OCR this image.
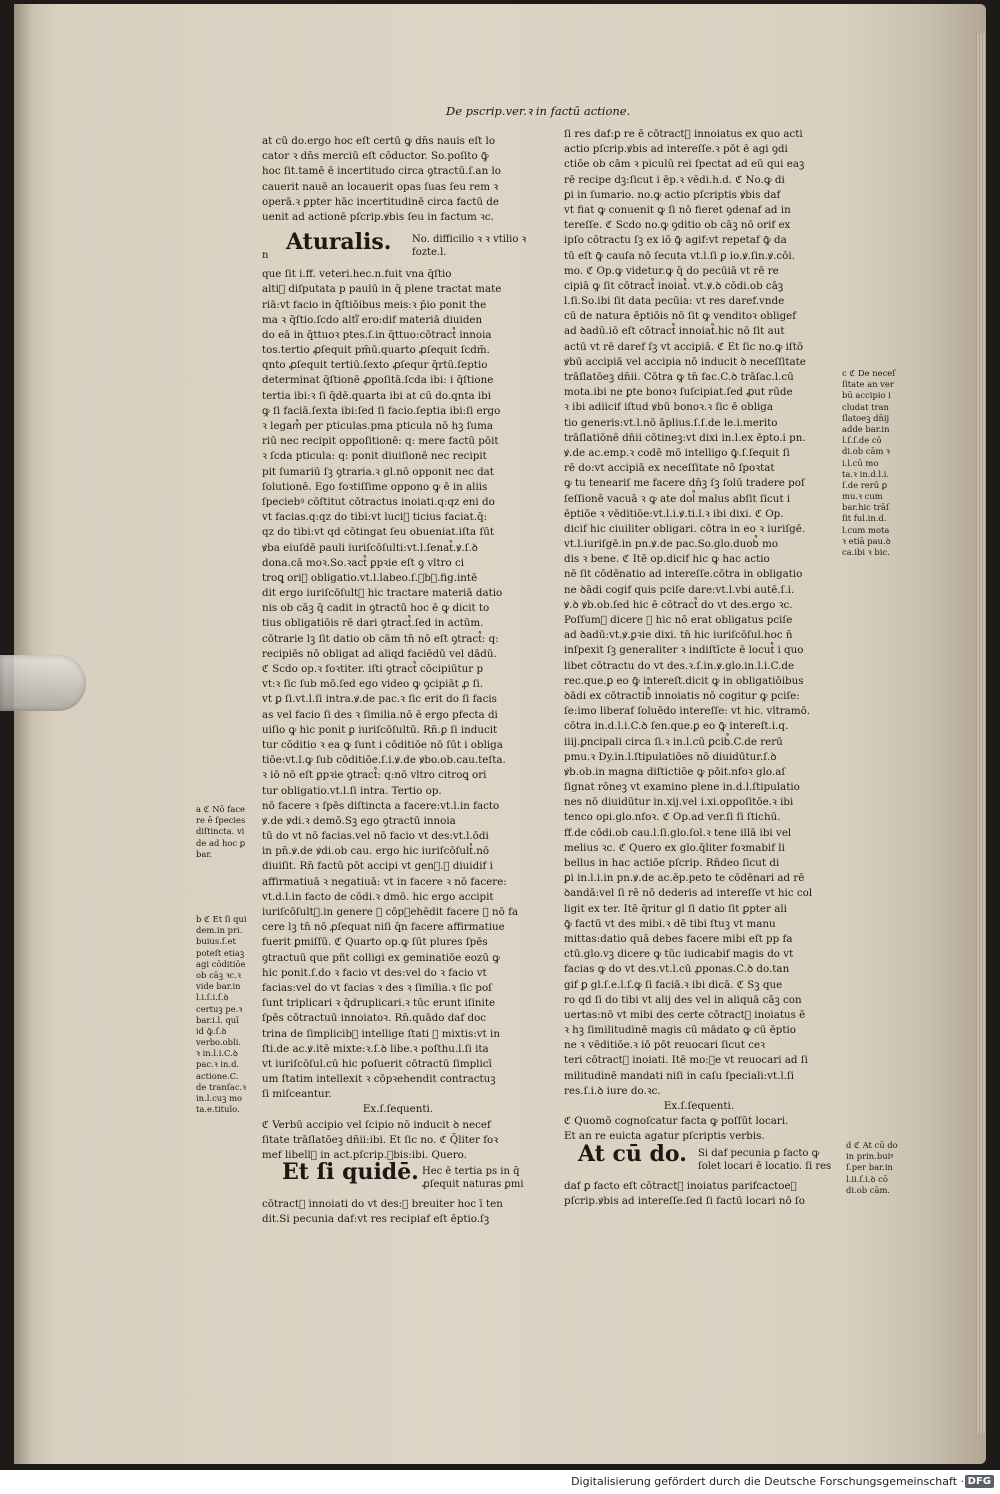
De pscrip.ver.ꝛ in factū actione.
at cū do.ergo hoc eſt certū ꝙ dn̄s nauis eſt lo
cator ꝛ dn̄s merciū eſt cōductor. So.poſito ꝙ̄
hoc ſit.tamē ē incertitudo circa ꝯtractū.ſ.an lo
cauerit nauē an locauerit opas ſuas ſeu rem ꝛ
operā.ꝛ ꝑpter hāc incertitudinē circa factū de
uenit ad actionē pſcrip.ꝟbis ſeu in factum ꝛc.
n
Aturalis. No. difficilio ꝛ ꝛ vtilio ꝛ fozte.l.
que ſit i.ff. veteri.hec.n.fuit vna q̄ſtio
alti᷑ diſputata p paulū in q̄ plene tractat mate
riā:vt facio in q̄ſtiōibus meis:ꝛ p̄io ponit the
ma ꝛ q̄ſtio.ſcdo alti᷑ ero:dif materiā diuiden
do eā in q̄ttuoꝛ ptes.ſ.in q̄ttuo:cōtract᷒ innoia
tos.tertio ꝓſequit pm̄ū.quarto ꝓſequit ſcdm̄.
qnto ꝓſequit tertiū.ſexto ꝓſequr q̄rtū.ſeptio
determinat q̄ſtionē ꝓpoſitā.ſcda ibi: i q̄ſtione
tertia ibi:ꝛ ſi q̄dē.quarta ibi at cū do.qnta ibi
ꝙ ſi faciā.ſexta ibi:ſed ſi facio.ſeptia ibi:ſi ergo
ꝛ legam᷒ per pticulas.pma pticula nō hꝫ ſuma
riū nec recipit oppoſitionē: q: mere factū pōit
ꝛ ſcda pticula: q: ponit diuiſionē nec recipit
pit ſumariū ſꝫ ꝯtraria.ꝛ gl.nō opponit nec dat
ſolutionē. Ego foꝛtiſſime oppono ꝙ ē in aliis
ſpeciebꝰ cōſtitut cōtractus inoiati.q:qz eni do
vt facias.q:qz do tibi:vt luci᷒ ticius faciat.q̄:
qz do tibi:vt qd cōtingat ſeu obueniat.iſta ſūt
ꝟba eiuſdē pauli iuriſcōſulti:vt.l.ſenat᷒.ꝟ.ſ.ꝺ
dona.cā moꝛ.So.ꝛact᷒ ꝑpꝛie eſt ꝯ vltro ci
troꝗ ori᷒ obligatio.vt.l.labeo.ſ.ꝟbꝰ.fig.intē
dit ergo iuriſcōſult᷒ hic tractare materiā datio
nis ob cāꝫ q̄ cadit in ꝯtractū hoc ē ꝙ dicit to
tius obligatiōis rē dari ꝯtract᷒.ſed in actūm.
cōtrarie lꝫ ſit datio ob cām tn̄ nō eſt ꝯtract᷒: q:
recipiēs nō obligat ad aliqd faciēdū vel dādū.
ℭ Scdo op.ꝛ foꝛtiter. iſti ꝯtract᷒ cōcipiūtur p
vt:ꝛ ſic ſub mō.ſed ego video ꝙ ꝯcipiāt ꝓ ſi.
vt ꝑ ſi.vt.l.ſi intra.ꝟ.de pac.ꝛ ſic erit do ſi facis
as vel facio ſi des ꝛ ſimilia.nō ē ergo pfecta di
uiſio ꝙ hic ponit ꝑ iuriſcōſultū. Rn̄.ꝑ ſi inducit
tur cōditio ꝛ ea ꝙ ſunt i cōditiōe nō ſūt i obliga
tiōe:vt.l.ꝙ ſub cōditiōe.ſ.i.ꝟ.de ꝟbo.ob.cau.teſta.
ꝛ iō nō eſt ꝑpꝛie ꝯtract᷒: q:nō vltro citroꝗ ori
tur obligatio.vt.l.ſi intra. Tertio op.
nō facere ꝛ ſpēs diſtincta a facere:vt.l.in facto
ꝟ.de ꝟdi.ꝛ demō.Sꝫ ego ꝯtractū innoia
tū do vt nō facias.vel nō facio vt des:vt.l.ōdi
in pn̄.ꝟ.de ꝟdi.ob cau. ergo hic iuriſcōſult᷒.nō
diuiſit. Rn̄ factū pōt accipi vt gen᷒.ꝛ diuidif i
affirmatiuā ꝛ negatiuā: vt in facere ꝛ nō facere:
vt.d.l.in facto de cōdi.ꝛ dmō. hic ergo accipit
iuriſcōſult᷒.in genere ꝛ cōpꝛehēdit facere ꝛ nō fa
cere lꝫ tn̄ nō ꝓſequat niſi q̄n facere affirmatiue
fuerit ꝑmiſſū. ℭ Quarto op.ꝙ ſūt plures ſpēs
ꝯtractuū que pñt colligi ex geminatiōe eozū ꝙ
hic ponit.ſ.do ꝛ facio vt des:vel do ꝛ facio vt
facias:vel do vt facias ꝛ des ꝛ ſimilia.ꝛ ſic poſ
ſunt triplicari ꝛ q̄druplicari.ꝛ tūc erunt iſinite
ſpēs cōtractuū innoiatoꝛ. Rn̄.quādo daf doc
trina de ſimplicib᷒ intellige ſtati ꝺ mixtis:vt in
ſti.de ac.ꝟ.itē mixte:ꝛ.ſ.ꝺ libe.ꝛ poſthu.l.ſi ita
vt iuriſcōſul.cū hic poſuerit cōtractū ſimplicī
um ſtatim intellexit ꝛ cōpꝛehendit contractuꝫ
ſi miſceantur.
Ex.ſ.ſequenti.
ℭ Verbū accipio vel ſcipio nō inducit ꝺ necef
ſitate trāſlatōeꝫ dn̄ii:ibi. Et ſic no. ℭ Q̄liter foꝛ
mef libell᷒ in act.pſcrip.ꝟbis:ibi. Quero.
Et ſi quidē. Hec ē tertia ps in q̄ ꝓſequit naturas ꝑmi
cōtract᷒ innoiati do vt des:ꝛ breuiter hoc ī ten
dit.Si pecunia daf:vt res recipiaf eſt ēptio.ſꝫ
ſi res daf:ꝑ re ē cōtract᷒ innoiatus ex quo acti
actio pſcrip.ꝟbis ad intereſſe.ꝛ pōt ē agi ꝯdi
ctiōe ob cām ꝛ piculū rei ſpectat ad eū qui eaꝫ
rē recipe dꝫ:ſicut i ēp.ꝛ vēdi.h.d. ℭ No.ꝙ di
ꝑi in ſumario. no.ꝙ actio pſcriptis ꝟbis daf
vt fiat ꝙ conuenit ꝙ ſi nō fieret ꝯdenaf ad in
tereſſe. ℭ Scdo no.ꝙ ꝯditio ob cāꝫ nō orif ex
ipſo cōtractu ſꝫ ex iō ꝙ̄ agif:vt repetaf ꝙ̄ da
tū eſt ꝙ̄ cauſa nō ſecuta vt.l.ſi ꝑ io.ꝟ.ſin.ꝟ.cōi.
mo. ℭ Op.ꝙ videtur.ꝙ q̄ do pecūiā vt rē re
cipiā ꝙ ſit cōtract᷒ inoiat᷒. vt.ꝟ.ꝺ cōdi.ob cāꝫ
l.ſi.So.ibi ſit data pecūia: vt res daref.vnde
cū de natura ēptiōis nō ſit ꝙ venditoꝛ obligef
ad ꝺadū.iō eſt cōtract᷒ innoiat᷒.hic nō ſit aut
actū vt rē daref ſꝫ vt accipiā. ℭ Et ſic no.ꝙ iſtō
ꝟbū accipiā vel accipia nō inducit ꝺ neceſſitate
trāſlatōeꝫ dn̄ii. Cōtra ꝙ tn̄ fac.C.ꝺ trāſac.l.cū
mota.ibi ne ꝑte bonoꝛ ſuſcipiat.ſed ꝓut rūde
ꝛ ibi adiicif iſtud ꝟbū bonoꝛ.ꝛ ſic ē obliga
tio generis:vt.l.nō āplius.ſ.ſ.de le.i.merito
trāſlatiōnē dn̄ii cōtineꝫ:vt dixi in.l.ex ēpto.i pn.
ꝟ.de ac.emp.ꝛ codē mō intelligo ꝙ̄.ſ.ſequit ſi
rē do:vt accipiā ex neceſſitate nō ſpoꝛtat
ꝙ tu teneariſ me facere dn̄ꝫ ſꝫ ſolū tradere poſ
ſeſſionē vacuā ꝛ ꝙ ate dol᷒ malus abſit ſicut i
ēptiōe ꝛ vēditiōe:vt.l.i.ꝟ.ti.l.ꝛ ibi dixi. ℭ Op.
dicif hic ciuiliter obligari. cōtra in eo ꝛ iuriſgē.
vt.l.iuriſgē.in pn.ꝟ.de pac.So.glo.duob᷒ mo
dis ꝛ bene. ℭ Itē op.dicif hic ꝙ hac actio
nē ſit cōdēnatio ad intereſſe.cōtra in obligatio
ne ꝺādi cogif quis pciſe dare:vt.l.vbi autē.ſ.i.
ꝟ.ꝺ ꝟb.ob.ſed hic ē cōtract᷒ do vt des.ergo ꝛc.
Poſſum᷒ dicere ꝙ hic nō erat obligatus pciſe
ad ꝺadū:vt.ꝟ.ꝑꝛie dixi. tn̄ hic iuriſcōſul.hoc n̄
inſpexit ſꝫ generaliter ꝛ indiſtīcte ē locut᷒ i quo
libet cōtractu do vt des.ꝛ.ſ.in.ꝟ.glo.in.l.i.C.de
rec.que.ꝑ eo ꝙ̄ intereſt.dicit ꝙ in obligatiōibus
ꝺādi ex cōtractib᷒ innoiatis nō cogitur ꝙ pciſe:
ſe:imo liberaf ſoluēdo intereſſe: vt hic. vltramō.
cōtra in.d.l.i.C.ꝺ ſen.que.ꝑ eo ꝙ̄ intereſt.i.q.
iiij.ꝑncipali circa ſi.ꝛ in.l.cū ꝑcib᷒.C.de rerū
pmu.ꝛ Dy.in.l.ſtipulatiōes nō diuidūtur.ſ.ꝺ
ꝟb.ob.in magna diſtictiōe ꝙ pōit.nfoꝛ glo.aſ
ſignat rōneꝫ vt examino plene in.d.l.ſtipulatio
nes nō diuidūtur in.xij.vel i.xi.oppoſitōe.ꝛ ibi
tenco opi.glo.nfoꝛ. ℭ Op.ad ver.ſi ſi ſtichū.
ff.de cōdi.ob cau.l.ſi.glo.ſol.ꝛ tene illā ibi vel
melius ꝛc. ℭ Quero ex glo.q̄liter foꝛmabif li
bellus in hac actiōe pſcrip. Rn̄deo ſicut di
ꝑi in.l.i.in pn.ꝟ.de ac.ēp.peto te cōdēnari ad rē
ꝺandā:vel ſi rē nō dederis ad intereſſe vt hic col
ligit ex ter. Itē q̄ritur gl ſi datio ſit ꝑpter ali
ꝙ̄ factū vt des mibi.ꝛ dē tibi ſtuꝫ vt manu
mittas:datio quā debes facere mibi eſt pp fa
ctū.glo.vꝫ dicere ꝙ tūc iudicabif magis do vt
facias ꝙ do vt des.vt.l.cū ꝓponas.C.ꝺ do.tan
gif ꝑ gl.ſ.e.l.ſ.ꝙ ſi faciā.ꝛ ibi dicā. ℭ Sꝫ que
ro qd ſi do tibi vt alij des vel in aliquā cāꝫ con
uertas:nō vt mibi des certe cōtract᷒ inoiatus ē
ꝛ hꝫ ſimilitudinē magis cū mādato ꝙ cū ēptio
ne ꝛ vēditiōe.ꝛ iō pōt reuocari ſicut ceꝛ
teri cōtract᷒ inoiati. Itē mo:ꝛe vt reuocari ad ſi
militudinē mandati niſi in caſu ſpeciali:vt.l.ſi
res.ſ.i.ꝺ iure do.ꝛc.
Ex.ſ.ſequenti.
ℭ Quomō cognoſcatur facta ꝙ poſſūt locari.
Et an re euicta agatur pſcriptis verbis.
At cū do. Si daf pecunia ꝑ facto ꝙ ſolet locari ē locatio. ſi res
daf ꝑ facto eſt cōtract᷒ inoiatus parifcactoeꝫ
pſcrip.ꝟbis ad intereſſe.ſed ſi factū locari nō ſo
a ℭ Nō face
re ē ſpecies
diſtincta. vi
de ad hoc ꝑ
bar.
b ℭ Et ſi qui
dem.in pri.
buius.ſ.et
poteſt etiaꝫ
agi cōditiōe
ob cāꝫ ꝛc.ꝛ
vide bar.in
l.i.ſ.i.ſ.ꝺ
certuꝫ pe.ꝛ
bar.i.l. quī
id ꝙ̄.ſ.ꝺ
verbo.obli.
ꝛ in.l.i.C.ꝺ
pac.ꝛ in.d.
actione.C.
de tranſac.ꝛ
in.l.cuꝫ mo
ta.e.titulo.
c ℭ De neceſ
ſitate an ver
bū accipio i
cludat tran
ſlatoeꝫ dn̄ij
adde bar.in
l.ſ.ſ.de cō
di.ob cām ꝛ
i.l.cū mo
ta.ꝛ in.d.l.i.
ſ.de rerū ꝑ
mu.ꝛ cum
bar.hic trāſ
ſit ful.in.d.
l.cum mota
ꝛ etiā pau.ꝺ
ca.ibi ꝛ bic.
d ℭ At cū do
in prin.buiꝰ
ſ.per bar.in
l.ii.ſ.i.ꝺ cō
di.ob cām.
Digitalisierung gefördert durch die Deutsche Forschungsgemeinschaft · DFG
